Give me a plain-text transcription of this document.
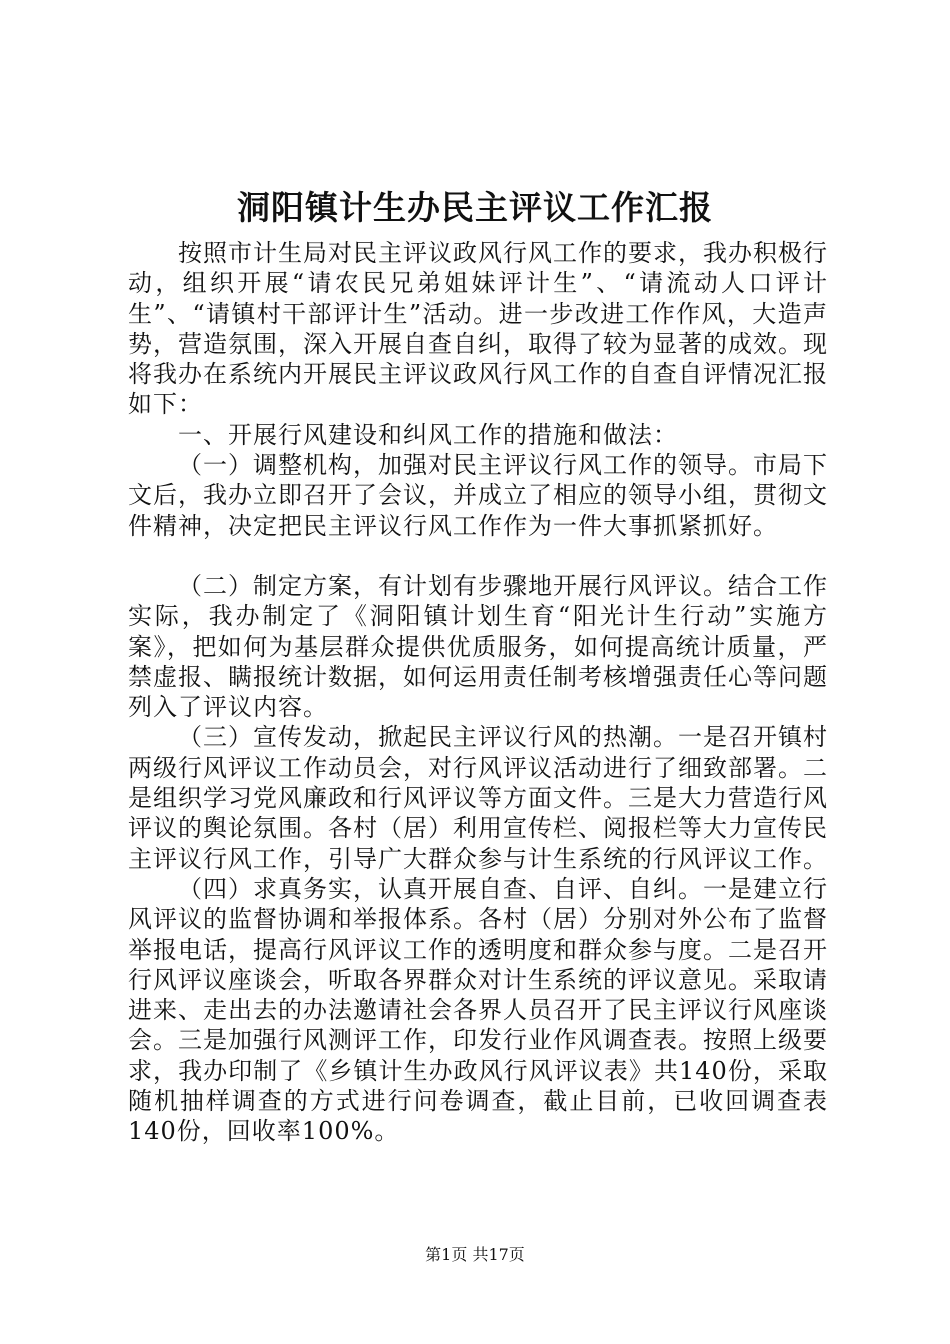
洞阳镇计生办民主评议工作汇报

按照市计生局对民主评议政风行风工作的要求，我办积极行动，组织开展“请农民兄弟姐妹评计生”、“请流动人口评计生”、“请镇村干部评计生”活动。进一步改进工作作风，大造声势，营造氛围，深入开展自查自纠，取得了较为显著的成效。现将我办在系统内开展民主评议政风行风工作的自查自评情况汇报如下：

一、开展行风建设和纠风工作的措施和做法：

（一）调整机构，加强对民主评议行风工作的领导。市局下文后，我办立即召开了会议，并成立了相应的领导小组，贯彻文件精神，决定把民主评议行风工作作为一件大事抓紧抓好。

（二）制定方案，有计划有步骤地开展行风评议。结合工作实际，我办制定了《洞阳镇计划生育“阳光计生行动”实施方案》，把如何为基层群众提供优质服务，如何提高统计质量，严禁虚报、瞒报统计数据，如何运用责任制考核增强责任心等问题列入了评议内容。

（三）宣传发动，掀起民主评议行风的热潮。一是召开镇村两级行风评议工作动员会，对行风评议活动进行了细致部署。二是组织学习党风廉政和行风评议等方面文件。三是大力营造行风评议的舆论氛围。各村（居）利用宣传栏、阅报栏等大力宣传民主评议行风工作，引导广大群众参与计生系统的行风评议工作。

（四）求真务实，认真开展自查、自评、自纠。一是建立行风评议的监督协调和举报体系。各村（居）分别对外公布了监督举报电话，提高行风评议工作的透明度和群众参与度。二是召开行风评议座谈会，听取各界群众对计生系统的评议意见。采取请进来、走出去的办法邀请社会各界人员召开了民主评议行风座谈会。三是加强行风测评工作，印发行业作风调查表。按照上级要求，我办印制了《乡镇计生办政风行风评议表》共140份，采取随机抽样调查的方式进行问卷调查，截止目前，已收回调查表140份，回收率100%。

第1页 共17页
